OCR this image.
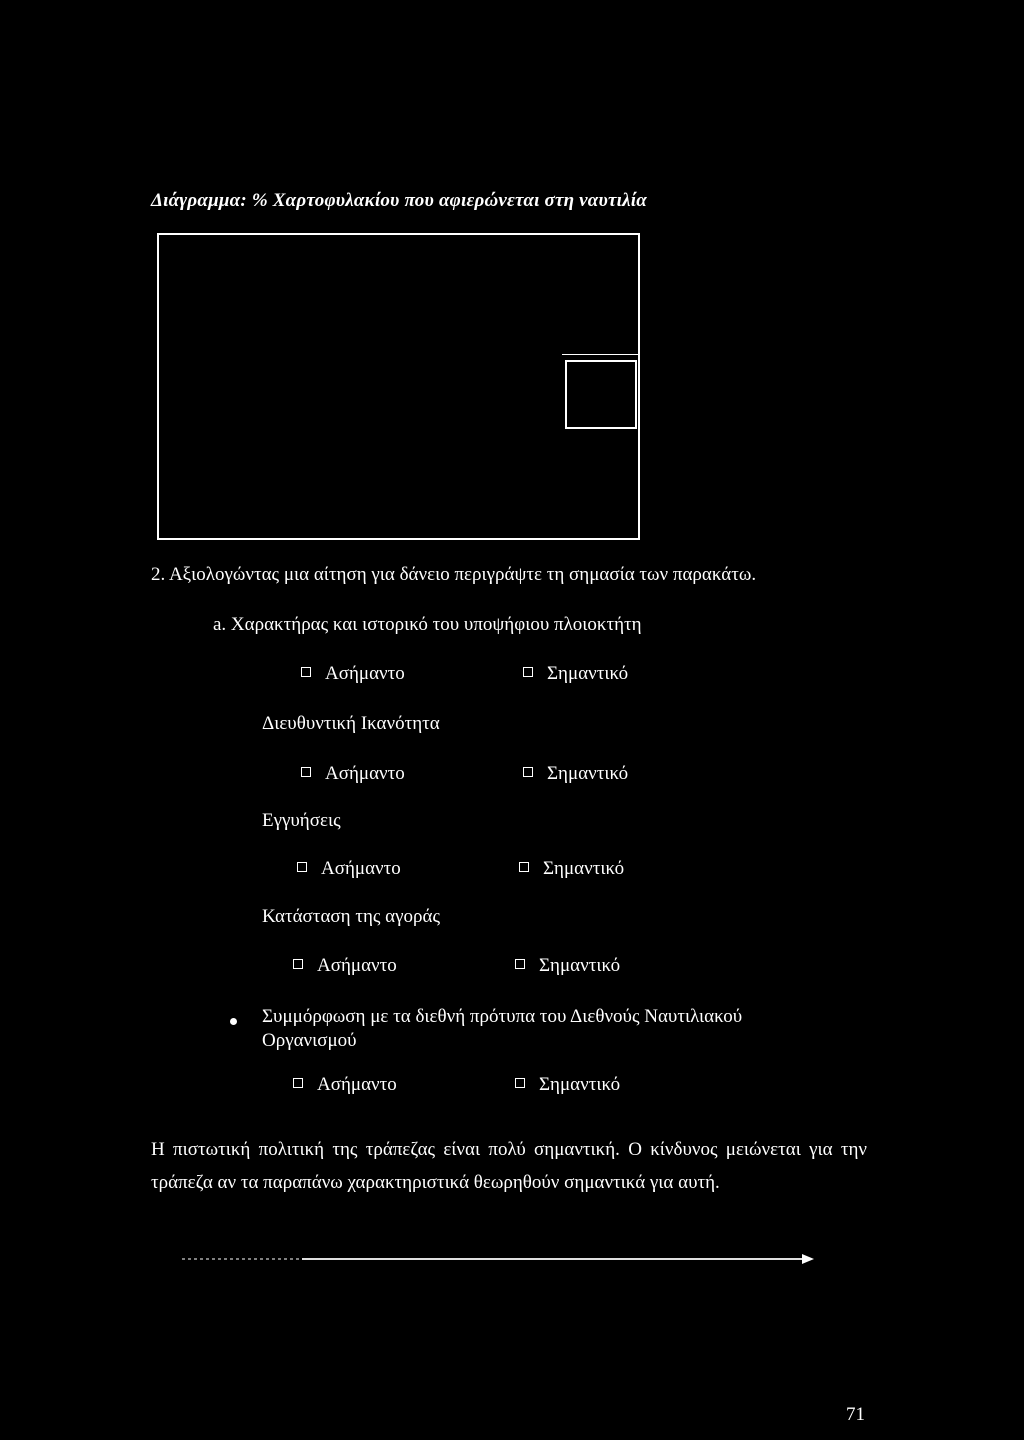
Διάγραμμα: % Χαρτοφυλακίου που αφιερώνεται στη ναυτιλία
2. Αξιολογώντας μια αίτηση για δάνειο περιγράψτε τη σημασία των παρακάτω.
a. Χαρακτήρας και ιστορικό του υποψήφιου πλοιοκτήτη
Ασήμαντο	Σημαντικό
Διευθυντική Ικανότητα
Ασήμαντο	Σημαντικό
Εγγυήσεις
Ασήμαντο	Σημαντικό
Κατάσταση της αγοράς
Ασήμαντο	Σημαντικό
Συμμόρφωση με τα διεθνή πρότυπα του Διεθνούς Ναυτιλιακού
Οργανισμού
Ασήμαντο	Σημαντικό
Η πιστωτική πολιτική της τράπεζας είναι πολύ σημαντική. Ο κίνδυνος μειώνεται για την τράπεζα αν τα παραπάνω χαρακτηριστικά θεωρηθούν σημαντικά για αυτή.
71
